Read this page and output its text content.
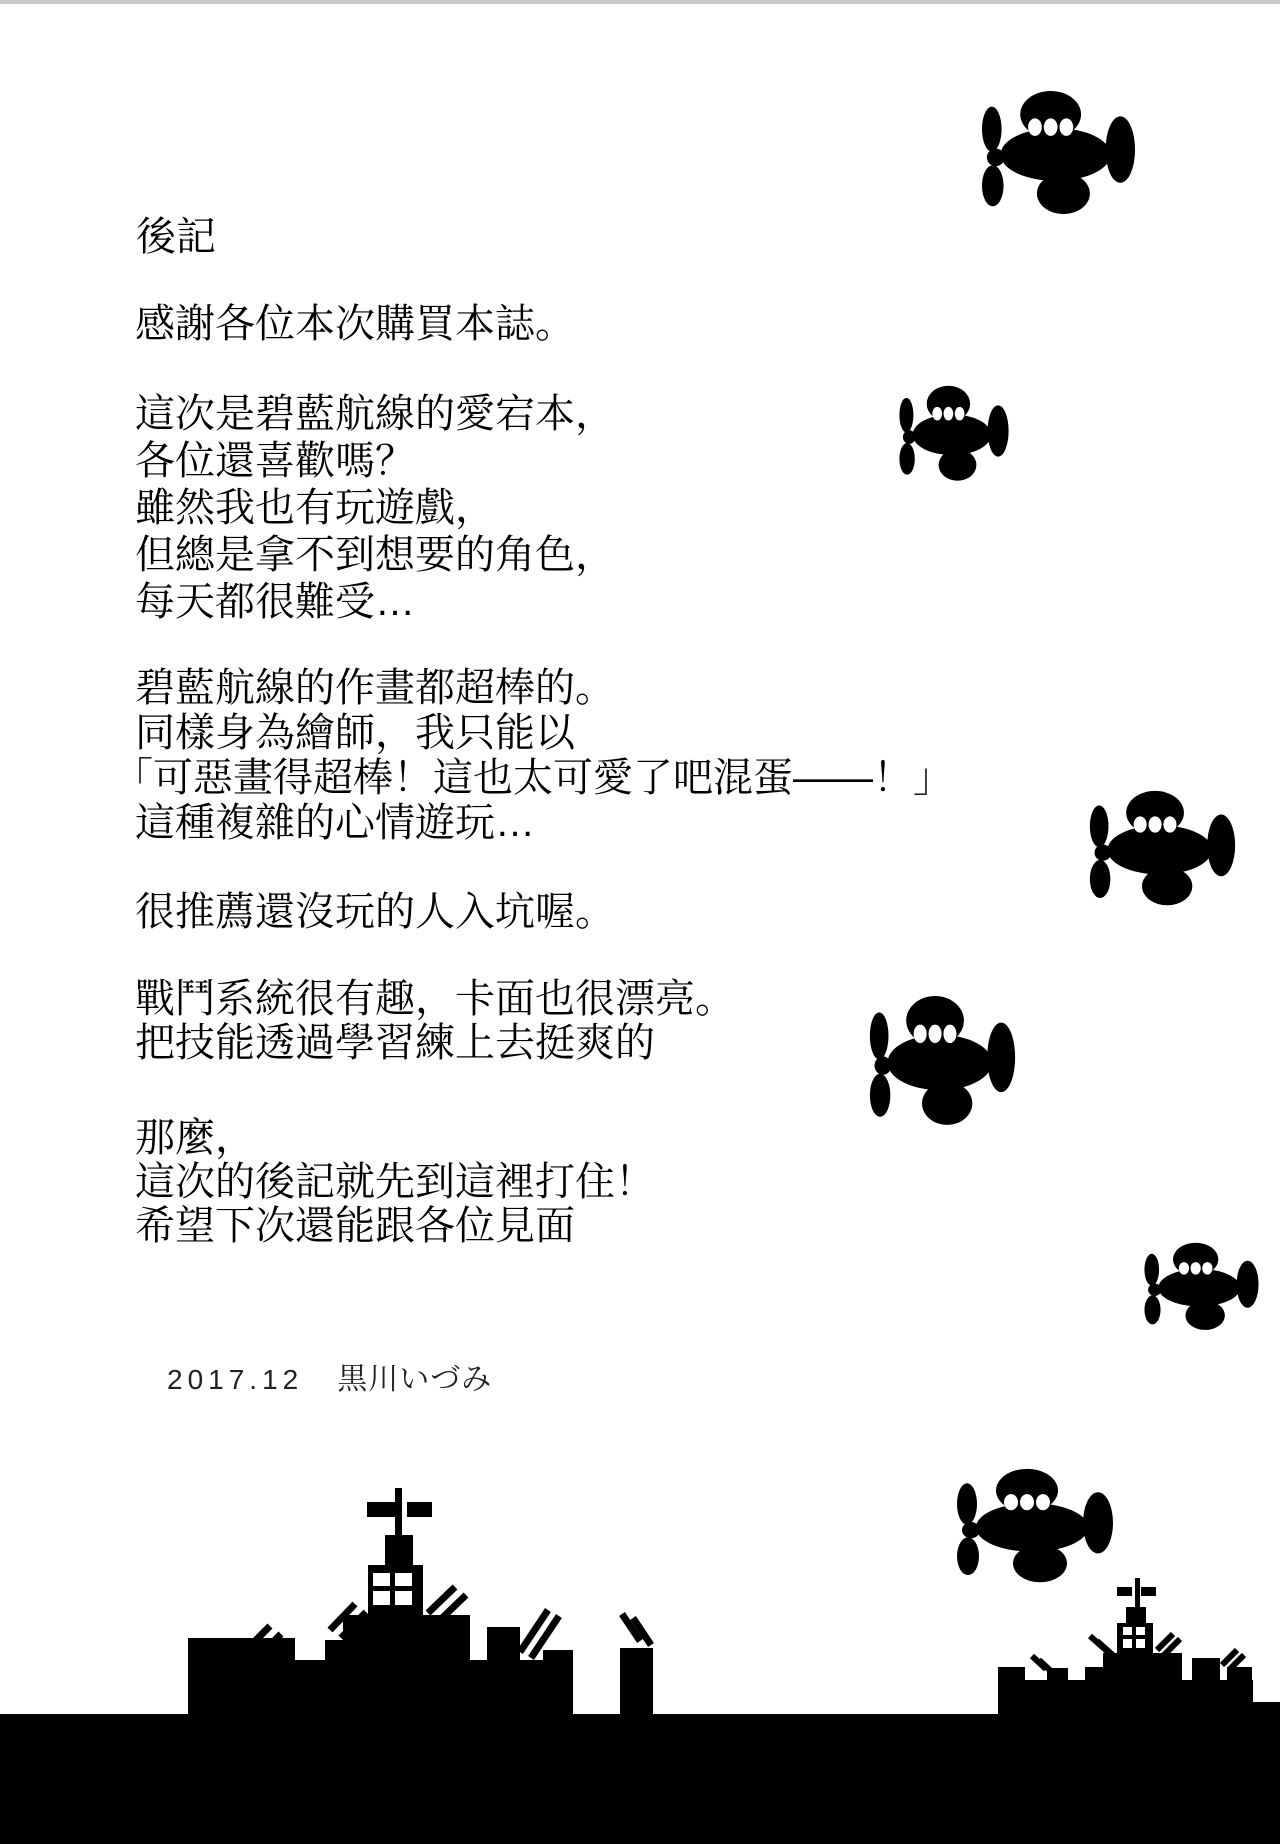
後記
感謝各位本次購買本誌。
這次是碧藍航線的愛宕本，
各位還喜歡嗎？
雖然我也有玩遊戲，
但總是拿不到想要的角色，
每天都很難受…
碧藍航線的作畫都超棒的。
同樣身為繪師，我只能以
「可惡畫得超棒！這也太可愛了吧混蛋——！」
這種複雜的心情遊玩…
很推薦還沒玩的人入坑喔。
戰鬥系統很有趣，卡面也很漂亮。
把技能透過學習練上去挺爽的
那麼，
這次的後記就先到這裡打住！
希望下次還能跟各位見面
2017.12 黒川いづみ
